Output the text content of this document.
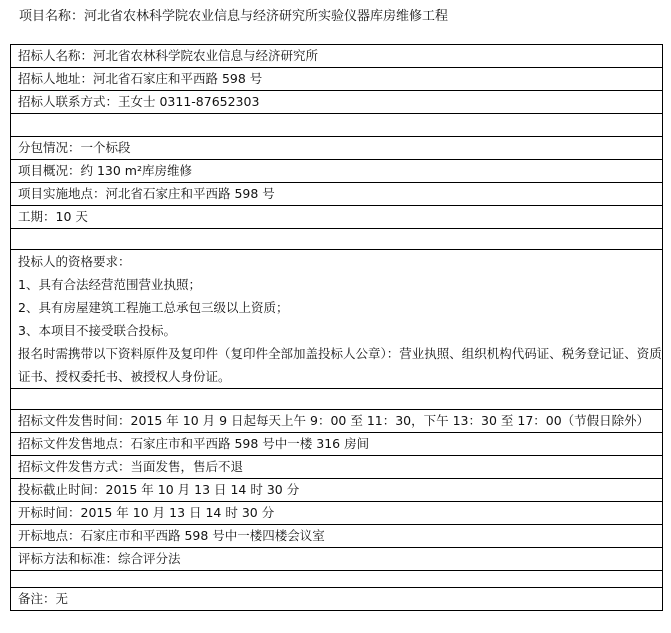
项目名称：河北省农林科学院农业信息与经济研究所实验仪器库房维修工程
招标人名称：河北省农林科学院农业信息与经济研究所
招标人地址：河北省石家庄和平西路 598 号
招标人联系方式：王女士 0311-87652303

分包情况：一个标段
项目概况：约 130 m²库房维修
项目实施地点：河北省石家庄和平西路 598 号
工期：10 天

投标人的资格要求：
1、具有合法经营范围营业执照；
2、具有房屋建筑工程施工总承包三级以上资质；
3、本项目不接受联合投标。
报名时需携带以下资料原件及复印件（复印件全部加盖投标人公章）：营业执照、组织机构代码证、税务登记证、资质证书、授权委托书、被授权人身份证。

招标文件发售时间：2015 年 10 月 9 日起每天上午 9：00 至 11：30，下午 13：30 至 17：00（节假日除外）
招标文件发售地点：石家庄市和平西路 598 号中一楼 316 房间
招标文件发售方式：当面发售，售后不退
投标截止时间：2015 年 10 月 13 日 14 时 30 分
开标时间：2015 年 10 月 13 日 14 时 30 分
开标地点：石家庄市和平西路 598 号中一楼四楼会议室
评标方法和标准：综合评分法

备注：无
